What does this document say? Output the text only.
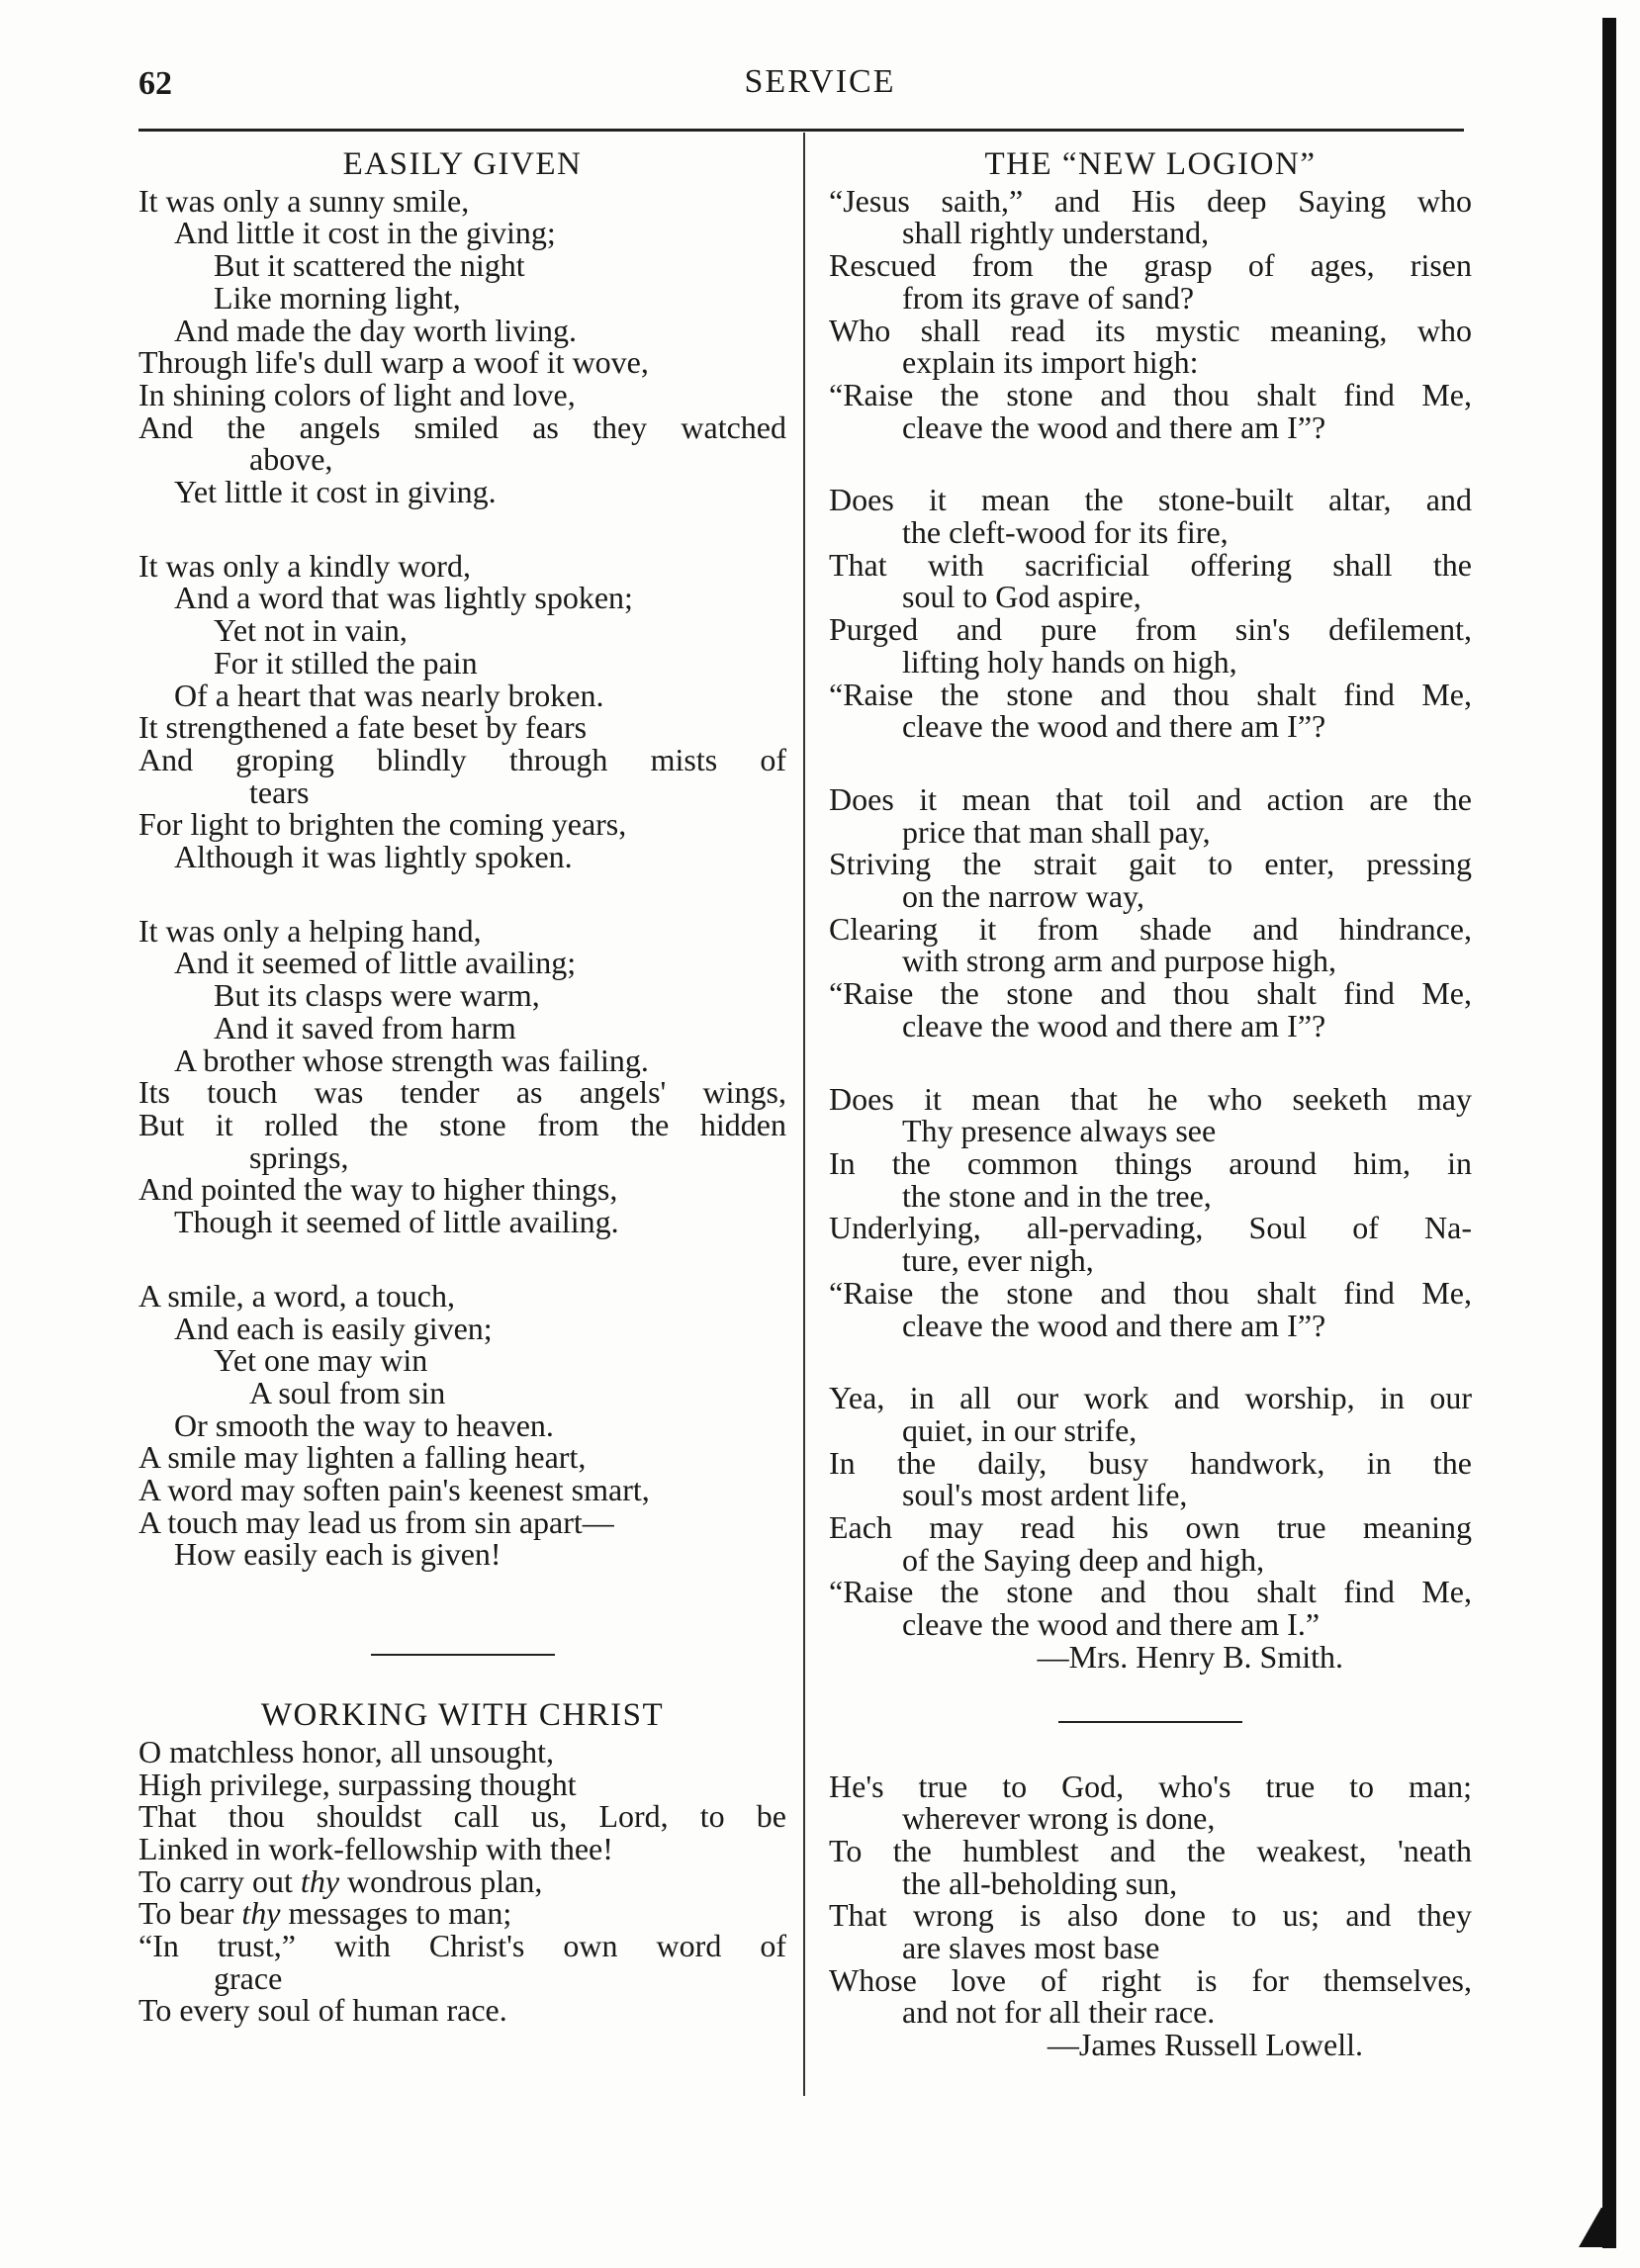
62	SERVICE
EASILY GIVEN
It was only a sunny smile,
And little it cost in the giving;
But it scattered the night
Like morning light,
And made the day worth living.
Through life's dull warp a woof it wove,
In shining colors of light and love,
And the angels smiled as they watched
above,
Yet little it cost in giving.
It was only a kindly word,
And a word that was lightly spoken;
Yet not in vain,
For it stilled the pain
Of a heart that was nearly broken.
It strengthened a fate beset by fears
And groping blindly through mists of
tears
For light to brighten the coming years,
Although it was lightly spoken.
It was only a helping hand,
And it seemed of little availing;
But its clasps were warm,
And it saved from harm
A brother whose strength was failing.
Its touch was tender as angels' wings,
But it rolled the stone from the hidden
springs,
And pointed the way to higher things,
Though it seemed of little availing.
A smile, a word, a touch,
And each is easily given;
Yet one may win
A soul from sin
Or smooth the way to heaven.
A smile may lighten a falling heart,
A word may soften pain's keenest smart,
A touch may lead us from sin apart—
How easily each is given!
WORKING WITH CHRIST
O matchless honor, all unsought,
High privilege, surpassing thought
That thou shouldst call us, Lord, to be
Linked in work-fellowship with thee!
To carry out thy wondrous plan,
To bear thy messages to man;
“In trust,” with Christ's own word of
grace
To every soul of human race.
THE “NEW LOGION”
“Jesus saith,” and His deep Saying who
shall rightly understand,
Rescued from the grasp of ages, risen
from its grave of sand?
Who shall read its mystic meaning, who
explain its import high:
“Raise the stone and thou shalt find Me,
cleave the wood and there am I”?
Does it mean the stone-built altar, and
the cleft-wood for its fire,
That with sacrificial offering shall the
soul to God aspire,
Purged and pure from sin's defilement,
lifting holy hands on high,
“Raise the stone and thou shalt find Me,
cleave the wood and there am I”?
Does it mean that toil and action are the
price that man shall pay,
Striving the strait gait to enter, pressing
on the narrow way,
Clearing it from shade and hindrance,
with strong arm and purpose high,
“Raise the stone and thou shalt find Me,
cleave the wood and there am I”?
Does it mean that he who seeketh may
Thy presence always see
In the common things around him, in
the stone and in the tree,
Underlying, all-pervading, Soul of Na-
ture, ever nigh,
“Raise the stone and thou shalt find Me,
cleave the wood and there am I”?
Yea, in all our work and worship, in our
quiet, in our strife,
In the daily, busy handwork, in the
soul's most ardent life,
Each may read his own true meaning
of the Saying deep and high,
“Raise the stone and thou shalt find Me,
cleave the wood and there am I.”
—Mrs. Henry B. Smith.
He's true to God, who's true to man;
wherever wrong is done,
To the humblest and the weakest, 'neath
the all-beholding sun,
That wrong is also done to us; and they
are slaves most base
Whose love of right is for themselves,
and not for all their race.
—James Russell Lowell.
